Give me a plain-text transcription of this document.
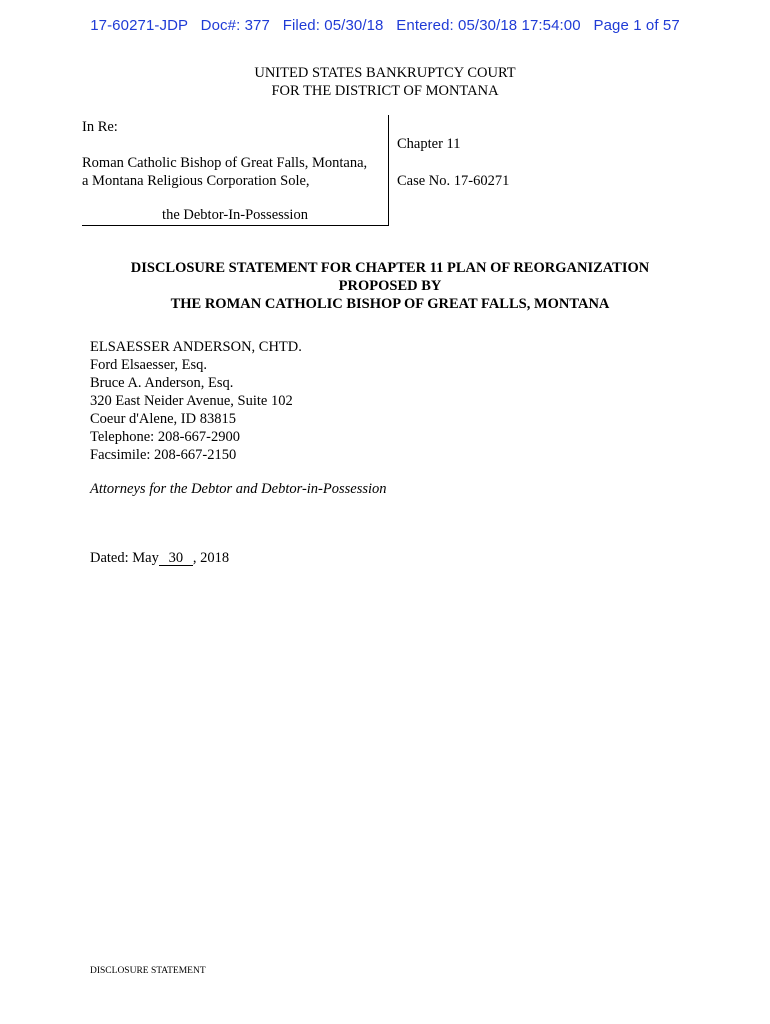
17-60271-JDP   Doc#: 377   Filed: 05/30/18   Entered: 05/30/18 17:54:00   Page 1 of 57
UNITED STATES BANKRUPTCY COURT
FOR THE DISTRICT OF MONTANA
In Re:
Roman Catholic Bishop of Great Falls, Montana,
a Montana Religious Corporation Sole,
the Debtor-In-Possession
Chapter 11
Case No. 17-60271
DISCLOSURE STATEMENT FOR CHAPTER 11 PLAN OF REORGANIZATION
PROPOSED BY
THE ROMAN CATHOLIC BISHOP OF GREAT FALLS, MONTANA
ELSAESSER ANDERSON, CHTD.
Ford Elsaesser, Esq.
Bruce A. Anderson, Esq.
320 East Neider Avenue, Suite 102
Coeur d'Alene, ID 83815
Telephone: 208-667-2900
Facsimile: 208-667-2150
Attorneys for the Debtor and Debtor-in-Possession
Dated: May 30 , 2018
DISCLOSURE STATEMENT
